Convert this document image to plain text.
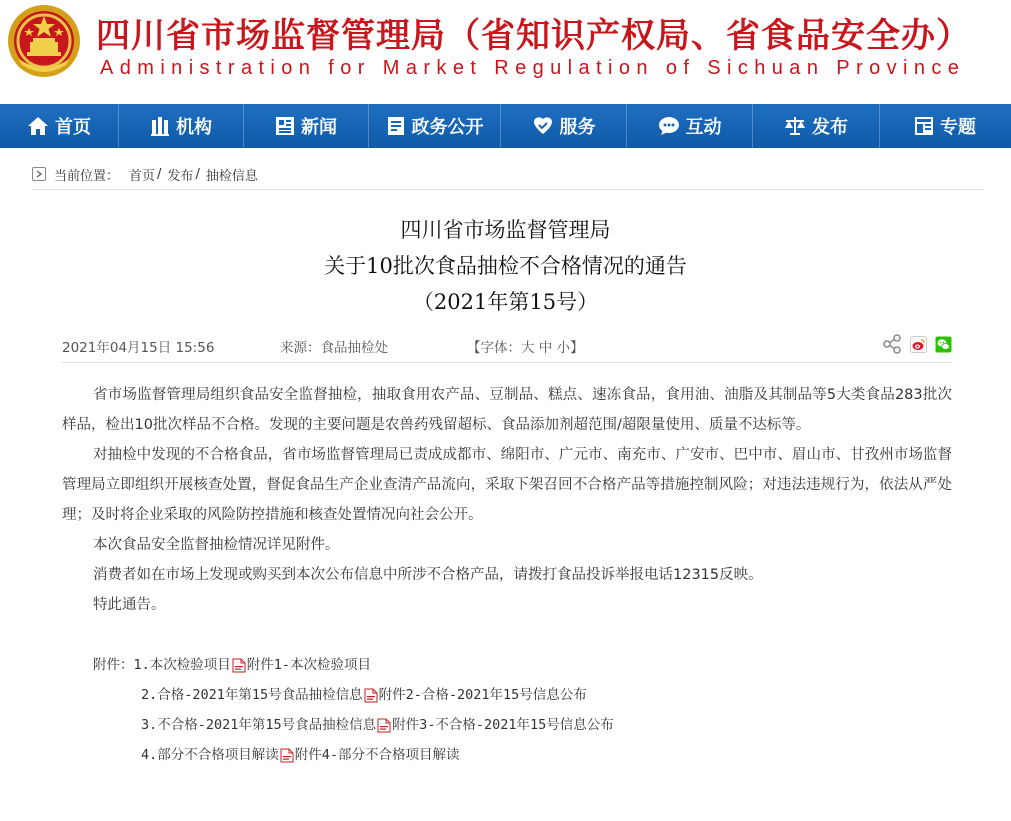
四川省市场监督管理局（省知识产权局、省食品安全办）
Administration for Market Regulation of Sichuan Province
首页	机构	新闻	政务公开	服务	互动	发布	专题
当前位置： 首页 / 发布 / 抽检信息
四川省市场监督管理局
关于10批次食品抽检不合格情况的通告
（2021年第15号）
2021年04月15日 15:56	来源：食品抽检处	【字体：大 中 小】

省市场监督管理局组织食品安全监督抽检，抽取食用农产品、豆制品、糕点、速冻食品，食用油、油脂及其制品等5大类食品283批次样品，检出10批次样品不合格。发现的主要问题是农兽药残留超标、食品添加剂超范围/超限量使用、质量不达标等。

对抽检中发现的不合格食品，省市场监督管理局已责成成都市、绵阳市、广元市、南充市、广安市、巴中市、眉山市、甘孜州市场监督管理局立即组织开展核查处置，督促食品生产企业查清产品流向，采取下架召回不合格产品等措施控制风险；对违法违规行为，依法从严处理；及时将企业采取的风险防控措施和核查处置情况向社会公开。

本次食品安全监督抽检情况详见附件。

消费者如在市场上发现或购买到本次公布信息中所涉不合格产品，请拨打食品投诉举报电话12315反映。

特此通告。

附件： 1.本次检验项目 附件1-本次检验项目
2.合格-2021年第15号食品抽检信息 附件2-合格-2021年15号信息公布
3.不合格-2021年第15号食品抽检信息 附件3-不合格-2021年15号信息公布
4.部分不合格项目解读 附件4-部分不合格项目解读
